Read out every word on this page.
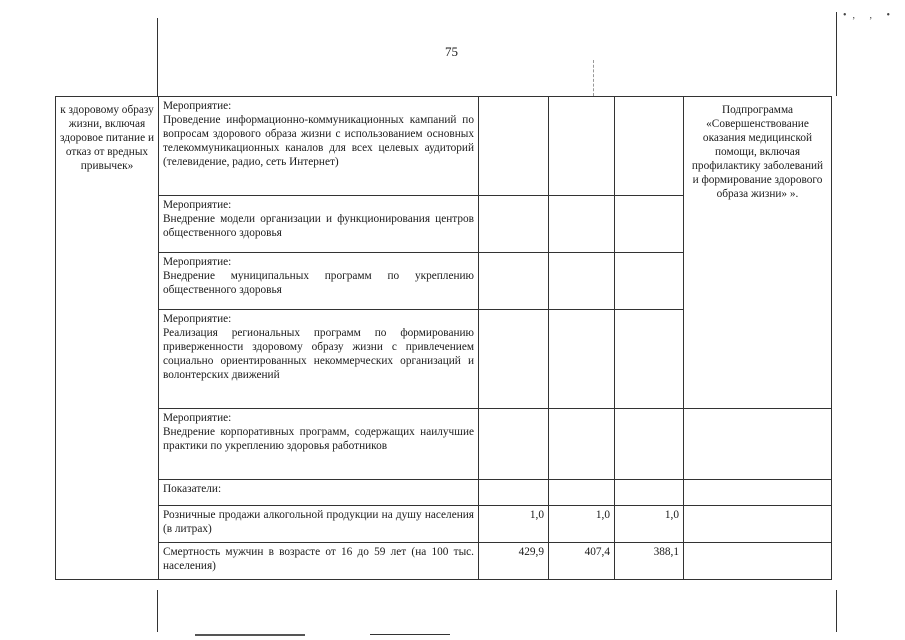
75
•, , •
к здоровому образу жизни, включая здоровое питание и отказ от вредных привычек»	Мероприятие:
Проведение информационно-коммуникационных кампаний по вопросам здорового образа жизни с использованием основных телекоммуникационных каналов для всех целевых аудиторий (телевидение, радио, сеть Интернет)				Подпрограмма «Совершенствование оказания медицинской помощи, включая профилактику заболеваний и формирование здорового образа жизни» ».

	Мероприятие:
Внедрение модели организации и функционирования центров общественного здоровья				

	Мероприятие:
Внедрение муниципальных программ по укреплению общественного здоровья				

	Мероприятие:
Реализация региональных программ по формированию приверженности здоровому образу жизни с привлечением социально ориентированных некоммерческих организаций и волонтерских движений				

	Мероприятие:
Внедрение корпоративных программ, содержащих наилучшие практики по укреплению здоровья работников				

	Показатели:				

	Розничные продажи алкогольной продукции на душу населения (в литрах)	1,0	1,0	1,0	
	Смертность мужчин в возрасте от 16 до 59 лет (на 100 тыс. населения)	429,9	407,4	388,1	
